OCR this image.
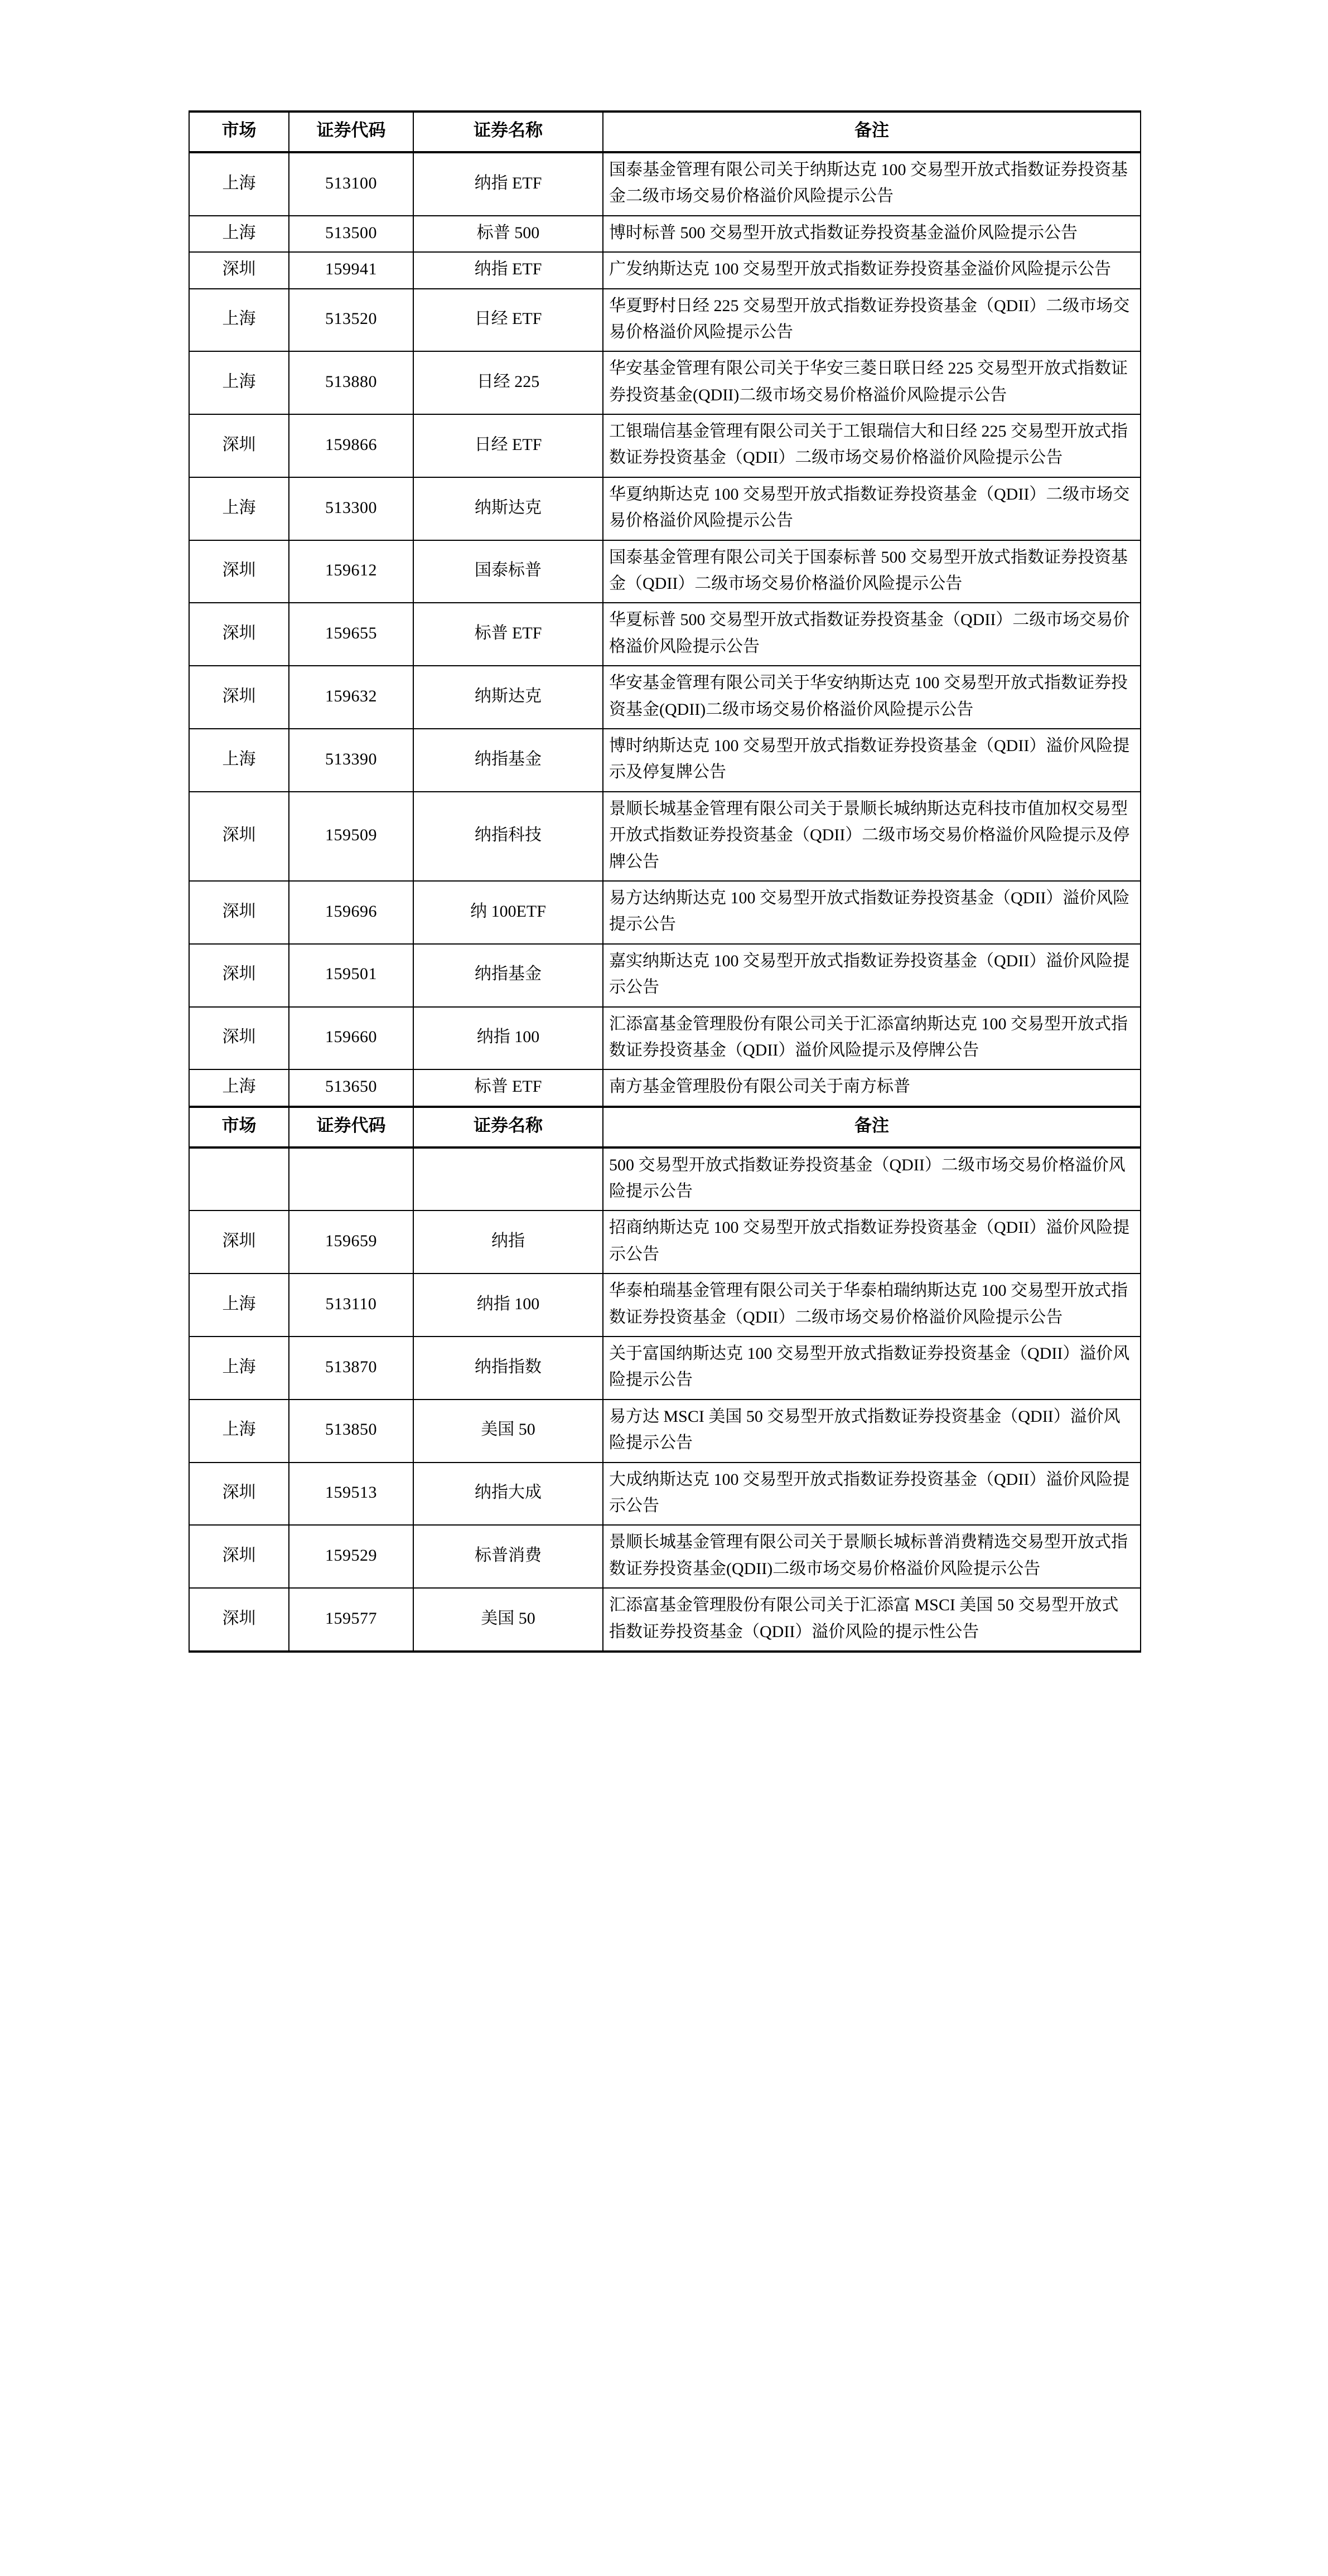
市场	证券代码	证券名称	备注
上海	513100	纳指 ETF	国泰基金管理有限公司关于纳斯达克 100 交易型开放式指数证券投资基金二级市场交易价格溢价风险提示公告
上海	513500	标普 500	博时标普 500 交易型开放式指数证券投资基金溢价风险提示公告
深圳	159941	纳指 ETF	广发纳斯达克 100 交易型开放式指数证券投资基金溢价风险提示公告
上海	513520	日经 ETF	华夏野村日经 225 交易型开放式指数证券投资基金（QDII）二级市场交易价格溢价风险提示公告
上海	513880	日经 225	华安基金管理有限公司关于华安三菱日联日经 225 交易型开放式指数证券投资基金(QDII)二级市场交易价格溢价风险提示公告
深圳	159866	日经 ETF	工银瑞信基金管理有限公司关于工银瑞信大和日经 225 交易型开放式指数证券投资基金（QDII）二级市场交易价格溢价风险提示公告
上海	513300	纳斯达克	华夏纳斯达克 100 交易型开放式指数证券投资基金（QDII）二级市场交易价格溢价风险提示公告
深圳	159612	国泰标普	国泰基金管理有限公司关于国泰标普 500 交易型开放式指数证券投资基金（QDII）二级市场交易价格溢价风险提示公告
深圳	159655	标普 ETF	华夏标普 500 交易型开放式指数证券投资基金（QDII）二级市场交易价格溢价风险提示公告
深圳	159632	纳斯达克	华安基金管理有限公司关于华安纳斯达克 100 交易型开放式指数证券投资基金(QDII)二级市场交易价格溢价风险提示公告
上海	513390	纳指基金	博时纳斯达克 100 交易型开放式指数证券投资基金（QDII）溢价风险提示及停复牌公告
深圳	159509	纳指科技	景顺长城基金管理有限公司关于景顺长城纳斯达克科技市值加权交易型开放式指数证券投资基金（QDII）二级市场交易价格溢价风险提示及停牌公告
深圳	159696	纳 100ETF	易方达纳斯达克 100 交易型开放式指数证券投资基金（QDII）溢价风险提示公告
深圳	159501	纳指基金	嘉实纳斯达克 100 交易型开放式指数证券投资基金（QDII）溢价风险提示公告
深圳	159660	纳指 100	汇添富基金管理股份有限公司关于汇添富纳斯达克 100 交易型开放式指数证券投资基金（QDII）溢价风险提示及停牌公告
上海	513650	标普 ETF	南方基金管理股份有限公司关于南方标普
市场	证券代码	证券名称	备注
			500 交易型开放式指数证券投资基金（QDII）二级市场交易价格溢价风险提示公告
深圳	159659	纳指	招商纳斯达克 100 交易型开放式指数证券投资基金（QDII）溢价风险提示公告
上海	513110	纳指 100	华泰柏瑞基金管理有限公司关于华泰柏瑞纳斯达克 100 交易型开放式指数证券投资基金（QDII）二级市场交易价格溢价风险提示公告
上海	513870	纳指指数	关于富国纳斯达克 100 交易型开放式指数证券投资基金（QDII）溢价风险提示公告
上海	513850	美国 50	易方达 MSCI 美国 50 交易型开放式指数证券投资基金（QDII）溢价风险提示公告
深圳	159513	纳指大成	大成纳斯达克 100 交易型开放式指数证券投资基金（QDII）溢价风险提示公告
深圳	159529	标普消费	景顺长城基金管理有限公司关于景顺长城标普消费精选交易型开放式指数证券投资基金(QDII)二级市场交易价格溢价风险提示公告
深圳	159577	美国 50	汇添富基金管理股份有限公司关于汇添富 MSCI 美国 50 交易型开放式指数证券投资基金（QDII）溢价风险的提示性公告
